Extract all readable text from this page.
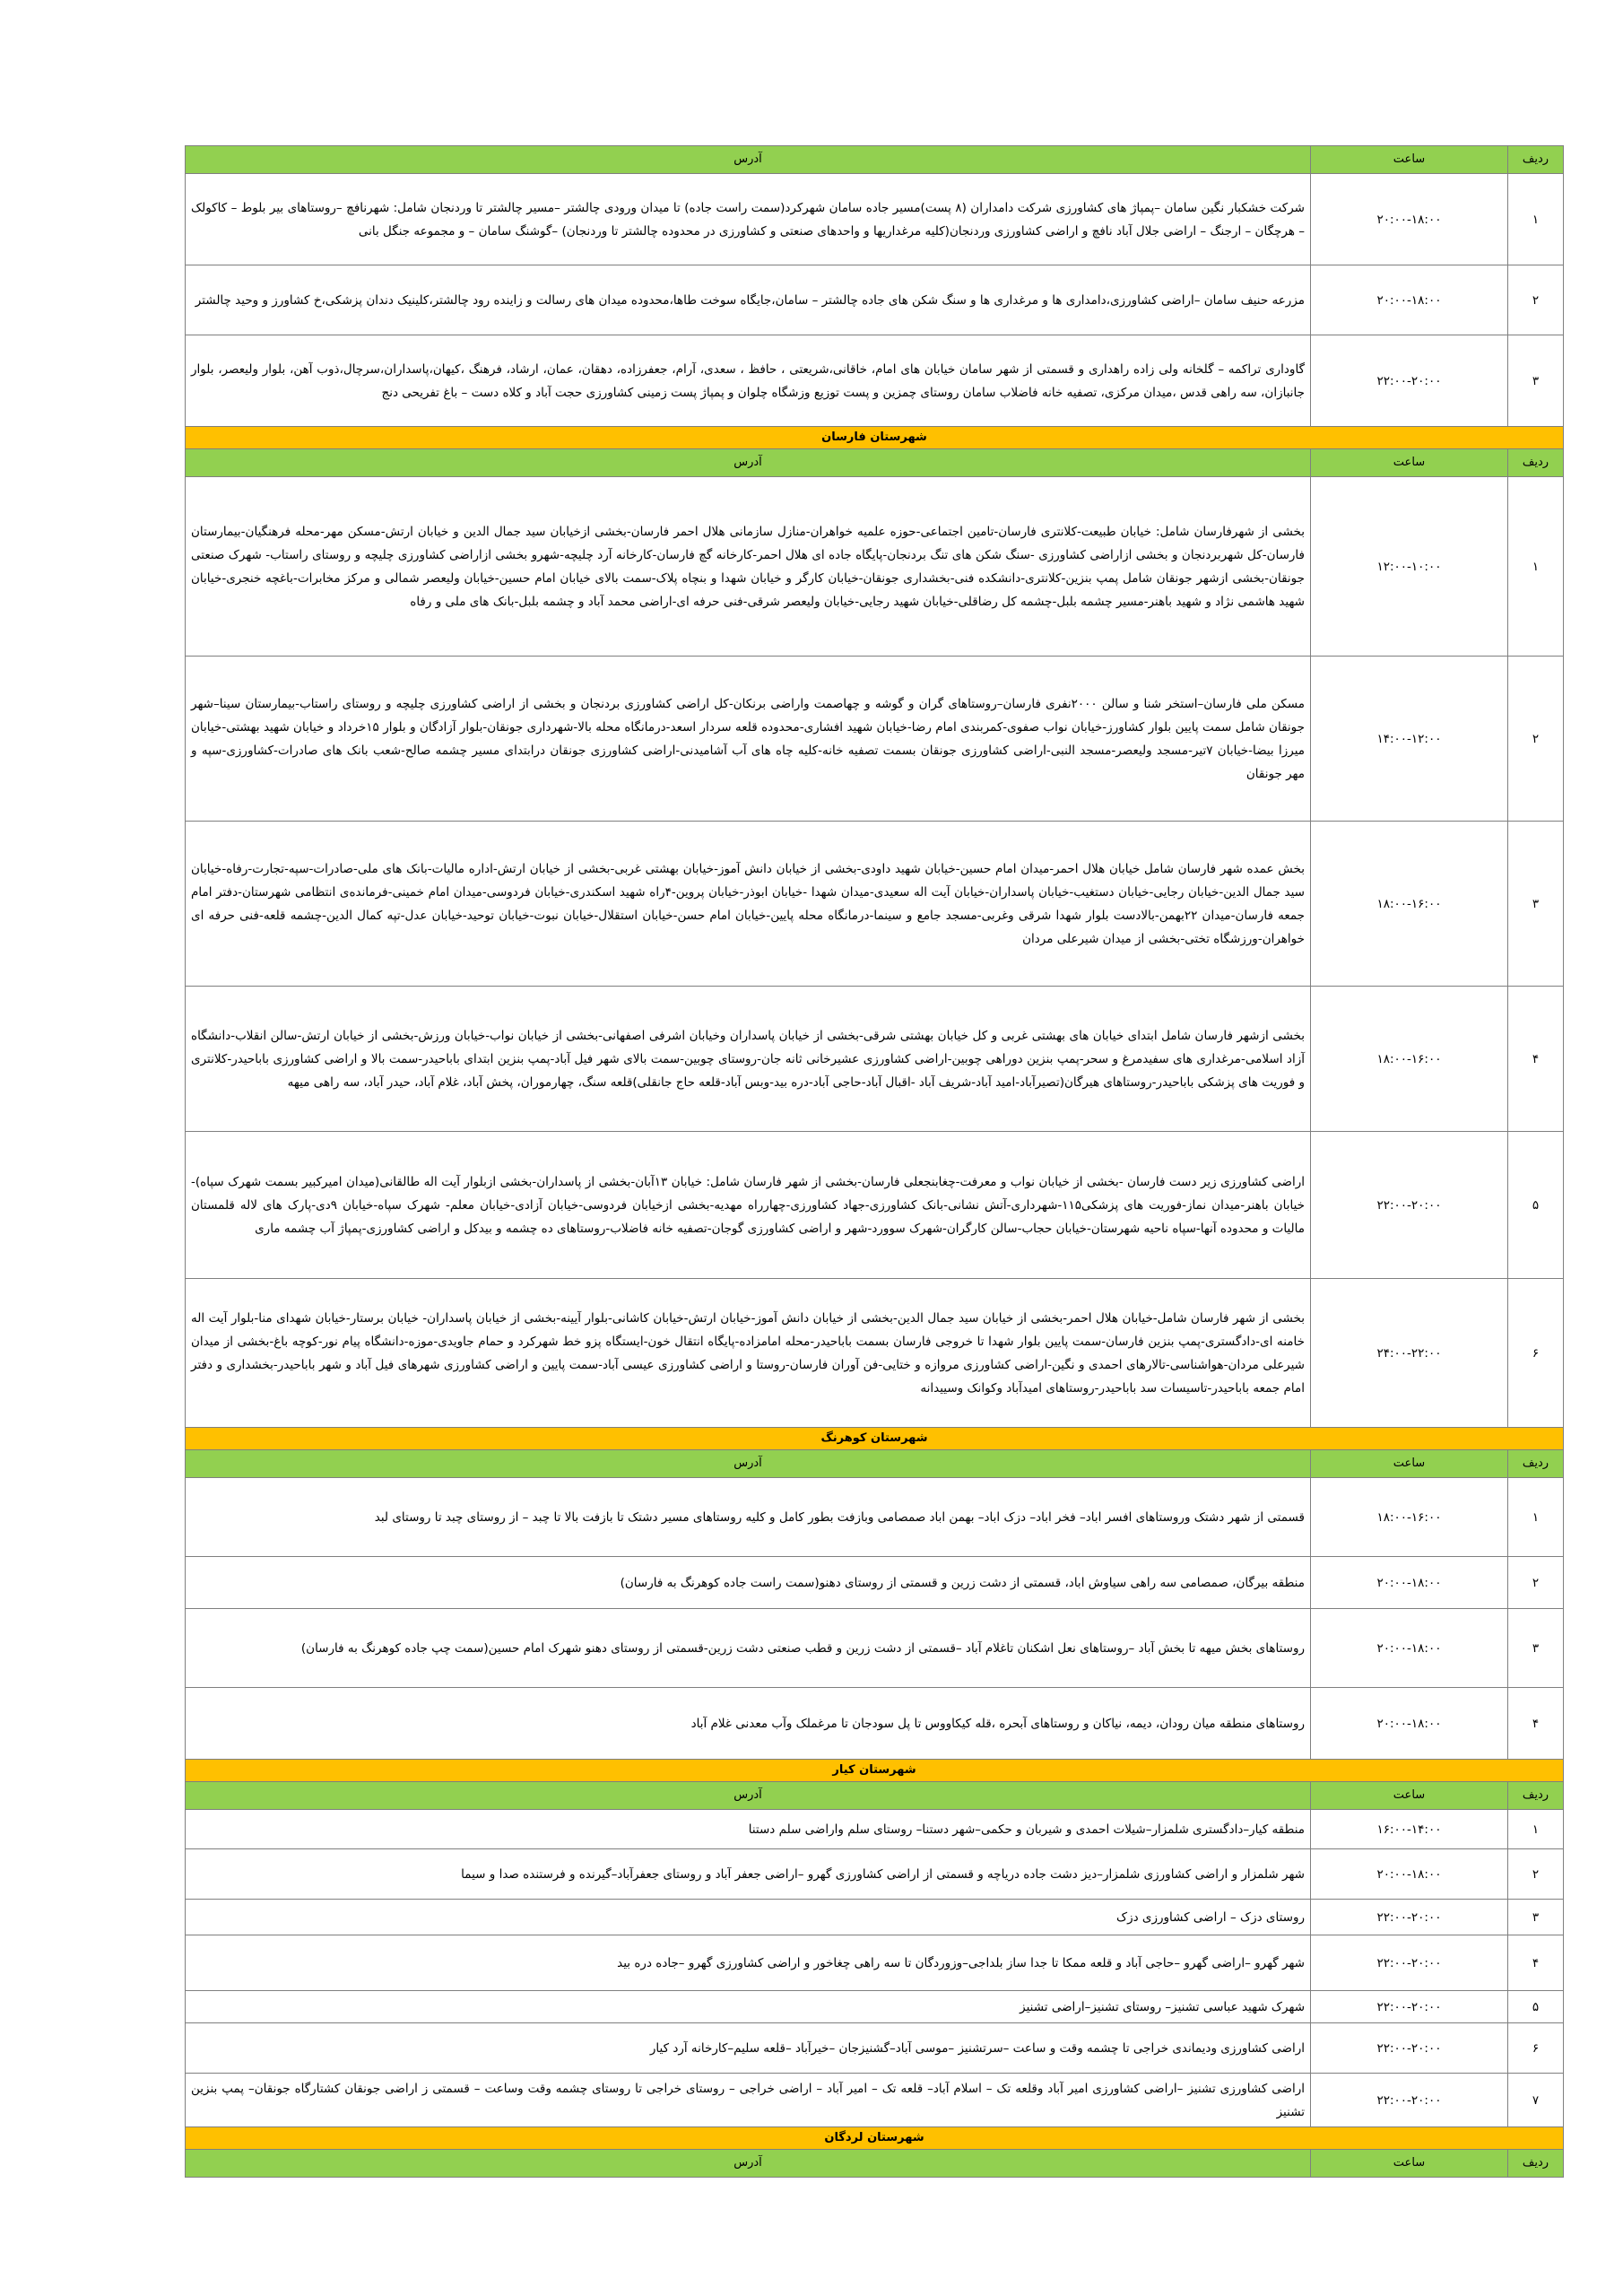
ردیف	ساعت	آدرس
۱	۲۰:۰۰-۱۸:۰۰	شرکت خشکبار نگین سامان –پمپاژ های کشاورزی شرکت دامداران (۸ پست)مسیر جاده سامان شهرکرد(سمت راست جاده) تا میدان ورودی چالشتر –مسیر چالشتر تا وردنجان شامل: شهرنافچ –روستاهای بیر بلوط – کاکولک – هرچگان – ارجنگ – اراضی جلال آباد نافچ و اراضی کشاورزی وردنجان(کلیه مرغداریها و واحدهای صنعتی و کشاورزی در محدوده چالشتر تا وردنجان) –گوشنگ سامان – و مجموعه جنگل بانی
۲	۲۰:۰۰-۱۸:۰۰	مزرعه حنیف سامان –اراضی کشاورزی،دامداری ها و مرغداری ها و سنگ شکن های جاده چالشتر – سامان،جایگاه سوخت طاها،محدوده میدان های رسالت و زاینده رود چالشتر،کلینیک دندان پزشکی،خ کشاورز و وحید چالشتر
۳	۲۲:۰۰-۲۰:۰۰	گاوداری تراکمه – گلخانه ولی زاده راهداری و قسمتی از شهر سامان خیابان های امام، خاقانی،شریعتی ، حافظ ، سعدی، آرام، جعفرزاده، دهقان، عمان، ارشاد، فرهنگ ،کیهان،پاسداران،سرچال،ذوب آهن، بلوار ولیعصر، بلوار جانبازان، سه راهی قدس ،میدان مرکزی، تصفیه خانه فاضلاب سامان روستای چمزین و پست توزیع وزشگاه چلوان و پمپاژ پست زمینی کشاورزی حجت آباد و کلاه دست – باغ تفریحی دنج
شهرستان فارسان		
ردیف	ساعت	آدرس
۱	۱۲:۰۰-۱۰:۰۰	بخشی از شهرفارسان شامل: خیابان طبیعت-کلانتری فارسان-تامین اجتماعی-حوزه علمیه خواهران-منازل سازمانی هلال احمر فارسان-بخشی ازخیابان سید جمال الدین و خیابان ارتش-مسکن مهر-محله فرهنگیان-بیمارستان فارسان-کل شهربردنجان و بخشی ازاراضی کشاورزی -سنگ شکن های تنگ بردنجان-پایگاه جاده ای هلال احمر-کارخانه گچ فارسان-کارخانه آرد چلیچه-شهرو بخشی ازاراضی کشاورزی چلیچه و روستای راستاب- شهرک صنعتی جونقان-بخشی ازشهر جونقان شامل پمپ بنزین-کلانتری-دانشکده فنی-بخشداری جونقان-خیابان کارگر و خیابان شهدا و بنچاه پلاک-سمت بالای خیابان امام حسین-خیابان ولیعصر شمالی و مرکز مخابرات-باغچه خنجری-خیابان شهید هاشمی نژاد و شهید باهنر-مسیر چشمه بلبل-چشمه کل رضاقلی-خیابان شهید رجایی-خیابان ولیعصر شرقی-فنی حرفه ای-اراضی محمد آباد و چشمه بلبل-بانک های ملی و رفاه
۲	۱۴:۰۰-۱۲:۰۰	مسکن ملی فارسان–استخر شنا و سالن ۲۰۰۰نفری فارسان–روستاهای گران و گوشه و چهاصمت واراضی برنکان-کل اراضی کشاورزی بردنجان و بخشی از اراضی کشاورزی چلیچه و روستای راستاب-بیمارستان سینا–شهر جونقان شامل سمت پایین بلوار کشاورز-خیابان نواب صفوی-کمربندی امام رضا-خیابان شهید افشاری-محدوده قلعه سردار اسعد-درمانگاه محله بالا-شهرداری جونقان-بلوار آزادگان و بلوار ۱۵خرداد و خیابان شهید بهشتی-خیابان میرزا بیضا-خیابان ۷تیر-مسجد ولیعصر-مسجد النبی-اراضی کشاورزی جونقان بسمت تصفیه خانه-کلیه چاه های آب آشامیدنی-اراضی کشاورزی جونقان درابتدای مسیر چشمه صالح-شعب بانک های صادرات-کشاورزی-سپه و مهر جونقان
۳	۱۸:۰۰-۱۶:۰۰	بخش عمده شهر فارسان شامل خیابان هلال احمر-میدان امام حسین-خیابان شهید داودی-بخشی از خیابان دانش آموز-خیابان بهشتی غربی-بخشی از خیابان ارتش-اداره مالیات-بانک های ملی-صادرات-سپه-تجارت-رفاه-خیابان سید جمال الدین-خیابان رجایی-خیابان دستغیب-خیابان پاسداران-خیابان آیت اله سعیدی-میدان شهدا -خیابان ابوذر-خیابان پروین-۴راه شهید اسکندری-خیابان فردوسی-میدان امام خمینی-فرمانده‌ی انتظامی شهرستان-دفتر امام جمعه فارسان-میدان ۲۲بهمن-بالادست بلوار شهدا شرقی وغربی-مسجد جامع و سینما-درمانگاه محله پایین-خیابان امام حسن-خیابان استقلال-خیابان نبوت-خیابان توحید-خیابان عدل-تپه کمال الدین-چشمه قلعه-فنی حرفه ای خواهران-ورزشگاه تختی-بخشی از میدان شیرعلی مردان
۴	۱۸:۰۰-۱۶:۰۰	بخشی ازشهر فارسان شامل ابتدای خیابان های بهشتی غربی و کل خیابان بهشتی شرقی-بخشی از خیابان پاسداران وخیابان اشرفی اصفهانی-بخشی از خیابان نواب-خیابان ورزش-بخشی از خیابان ارتش-سالن انقلاب-دانشگاه آزاد اسلامی-مرغداری های سفیدمرغ و سحر-پمپ بنزین دوراهی چوبین-اراضی کشاورزی عشیرخانی ثانه جان-روستای چوبین-سمت بالای شهر فیل آباد-پمپ بنزین ابتدای باباحیدر-سمت بالا و اراضی کشاورزی باباحیدر-کلانتری و فوریت های پزشکی باباحیدر-روستاهای هیرگان(تصیرآباد-امید آباد-شریف آباد -اقبال آباد-حاجی آباد-دره بید-وبس آباد-قلعه حاج جانقلی)قلعه سنگ، چهارموران، پخش آباد، غلام آباد، حیدر آباد، سه راهی میهه
۵	۲۲:۰۰-۲۰:۰۰	اراضی کشاورزی زیر دست فارسان -بخشی از خیابان نواب و معرفت-چغابنجعلی فارسان-بخشی از شهر فارسان شامل: خیابان ۱۳آبان-بخشی از پاسداران-بخشی ازبلوار آیت اله طالقانی(میدان امیرکبیر بسمت شهرک سپاه)-خیابان باهنر-میدان نماز-فوریت های پزشکی۱۱۵-شهرداری-آتش نشانی-بانک کشاورزی-جهاد کشاورزی-چهارراه مهدیه-بخشی ازخیابان فردوسی-خیابان آزادی-خیابان معلم- شهرک سپاه-خیابان ۹دی-پارک های لاله قلمستان مالیات و محدوده آنها-سپاه ناحیه شهرستان-خیابان حجاب-سالن کارگران-شهرک سوورد-شهر و اراضی کشاورزی گوجان-تصفیه خانه فاضلاب-روستاهای ده چشمه و بیدکل و اراضی کشاورزی-پمپاژ آب چشمه ماری
۶	۲۴:۰۰-۲۲:۰۰	بخشی از شهر فارسان شامل-خیابان هلال احمر-بخشی از خیابان سید جمال الدین-بخشی از خیابان دانش آموز-خیابان ارتش-خیابان کاشانی-بلوار آیینه-بخشی از خیابان پاسداران- خیابان برستار-خیابان شهدای منا-بلوار آیت اله خامنه ای-دادگستری-پمپ بنزین فارسان-سمت پایین بلوار شهدا تا خروجی فارسان بسمت باباحیدر-محله امامزاده-پایگاه انتقال خون-ایستگاه پزو خط شهرکرد و حمام جاویدی-موزه-دانشگاه پیام نور-کوچه باغ-بخشی از میدان شیرعلی مردان-هواشناسی-تالارهای احمدی و نگین-اراضی کشاورزی مروازه و ختایی-فن آوران فارسان-روستا و اراضی کشاورزی عیسی آباد-سمت پایین و اراضی کشاورزی شهرهای فیل آباد و شهر باباحیدر-بخشداری و دفتر امام جمعه باباحیدر-تاسیسات سد باباحیدر-روستاهای امیدآباد وکوانک وسییدانه
شهرستان کوهرنگ		
ردیف	ساعت	آدرس
۱	۱۸:۰۰-۱۶:۰۰	قسمتی از شهر دشتک وروستاهای افسر اباد– فخر اباد– دزک اباد– بهمن اباد صمصامی وبازفت بطور کامل و کلیه روستاهای مسیر دشتک تا بازفت بالا تا چبد – از روستای چبد تا روستای لبد
۲	۲۰:۰۰-۱۸:۰۰	منطقه بیرگان، صمصامی سه راهی سیاوش اباد، قسمتی از دشت زرین و قسمتی از روستای دهنو(سمت راست جاده کوهرنگ به فارسان)
۳	۲۰:۰۰-۱۸:۰۰	روستاهای بخش میهه تا بخش آباد –روستاهای نعل اشکنان تاغلام آباد –قسمتی از دشت زرین و قطب صنعتی دشت زرین-قسمتی از روستای دهنو شهرک امام حسین(سمت چپ جاده کوهرنگ به فارسان)
۴	۲۰:۰۰-۱۸:۰۰	روستاهای منطقه میان رودان، دیمه، نیاکان و روستاهای آبحره ،قله کیکاووس تا پل سودجان تا مرغملک وآب معدنی غلام آباد
شهرستان کیار		
ردیف	ساعت	آدرس
۱	۱۶:۰۰-۱۴:۰۰	منطقه کیار–دادگستری شلمزار–شیلات احمدی و شیربان و حکمی–شهر دستنا– روستای سلم واراضی سلم دستنا
۲	۲۰:۰۰-۱۸:۰۰	شهر شلمزار و اراضی کشاورزی شلمزار–دیز دشت جاده دریاچه و قسمتی از اراضی کشاورزی گهرو –اراضی جعفر آباد و روستای جعفرآباد–گیرنده و فرستنده صدا و سیما
۳	۲۲:۰۰-۲۰:۰۰	روستای دزک – اراضی کشاورزی دزک
۴	۲۲:۰۰-۲۰:۰۰	شهر گهرو –اراضی گهرو –حاجی آباد و قلعه ممکا تا جدا ساز بلداجی–وزوردگان تا سه راهی چغاخور و اراضی کشاورزی گهرو –جاده دره بید
۵	۲۲:۰۰-۲۰:۰۰	شهرک شهید عباسی تشنیز– روستای تشنیز–اراضی تشنیز
۶	۲۲:۰۰-۲۰:۰۰	اراضی کشاورزی ودیماندی خراجی تا چشمه وقت و ساعت –سرتشنیز –موسی آباد–گشنیزجان –خیرآباد –قلعه سلیم–کارخانه آرد کیار
۷	۲۲:۰۰-۲۰:۰۰	اراضی کشاورزی تشنیز –اراضی کشاورزی امیر آباد وقلعه تک – اسلام آباد– قلعه تک – امیر آباد – اراضی خراجی – روستای خراجی تا روستای چشمه وقت وساعت – قسمتی ز اراضی جونقان کشتارگاه جونقان– پمپ بنزین تشنیز
شهرستان لردگان		
ردیف	ساعت	آدرس
